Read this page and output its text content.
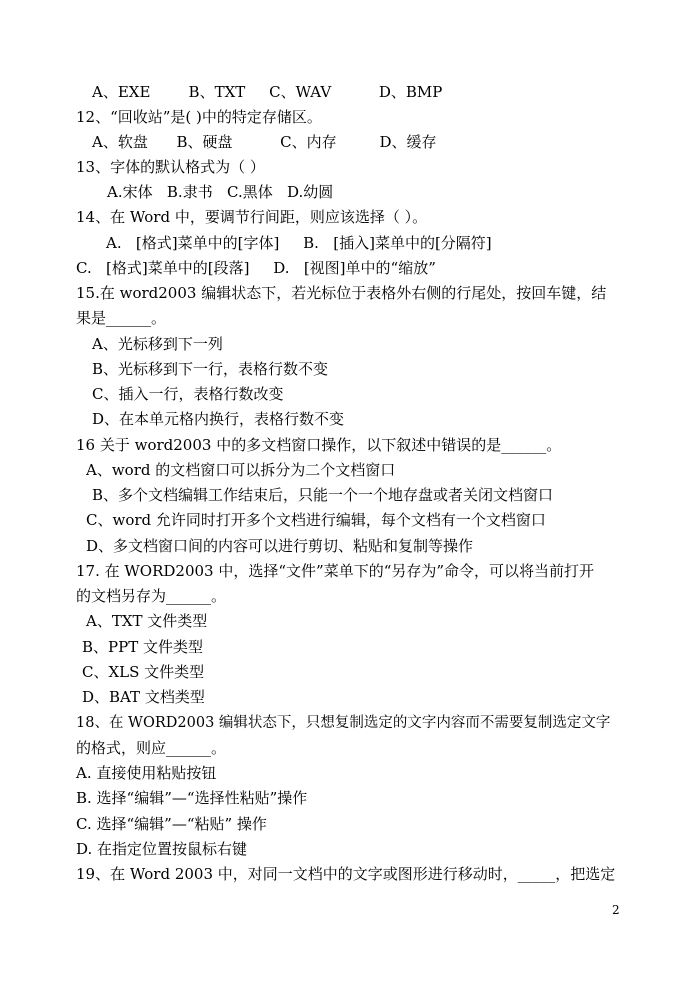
A、EXE        B、TXT     C、WAV          D、BMP
12、“回收站”是( )中的特定存储区。
A、软盘      B、硬盘          C、内存         D、缓存
13、字体的默认格式为（ ）
A.宋体   B.隶书   C.黑体   D.幼圆
14、在 Word 中，要调节行间距，则应该选择（ ）。
A.   [格式]菜单中的[字体]     B.   [插入]菜单中的[分隔符]
C.   [格式]菜单中的[段落]     D.   [视图]单中的“缩放”
15.在 word2003 编辑状态下，若光标位于表格外右侧的行尾处，按回车键，结
果是______。
A、光标移到下一列
B、光标移到下一行，表格行数不变
C、插入一行，表格行数改变
D、在本单元格内换行，表格行数不变
16 关于 word2003 中的多文档窗口操作，以下叙述中错误的是______。
A、word 的文档窗口可以拆分为二个文档窗口
B、多个文档编辑工作结束后，只能一个一个地存盘或者关闭文档窗口
C、word 允许同时打开多个文档进行编辑，每个文档有一个文档窗口
D、多文档窗口间的内容可以进行剪切、粘贴和复制等操作
17. 在 WORD2003 中，选择“文件”菜单下的“另存为”命令，可以将当前打开
的文档另存为______。
A、TXT 文件类型
B、PPT 文件类型
C、XLS 文件类型
D、BAT 文档类型
18、在 WORD2003 编辑状态下，只想复制选定的文字内容而不需要复制选定文字
的格式，则应______。
A. 直接使用粘贴按钮
B. 选择“编辑”—“选择性粘贴”操作
C. 选择“编辑”—“粘贴” 操作
D. 在指定位置按鼠标右键
19、在 Word 2003 中，对同一文档中的文字或图形进行移动时，_____，把选定
2
